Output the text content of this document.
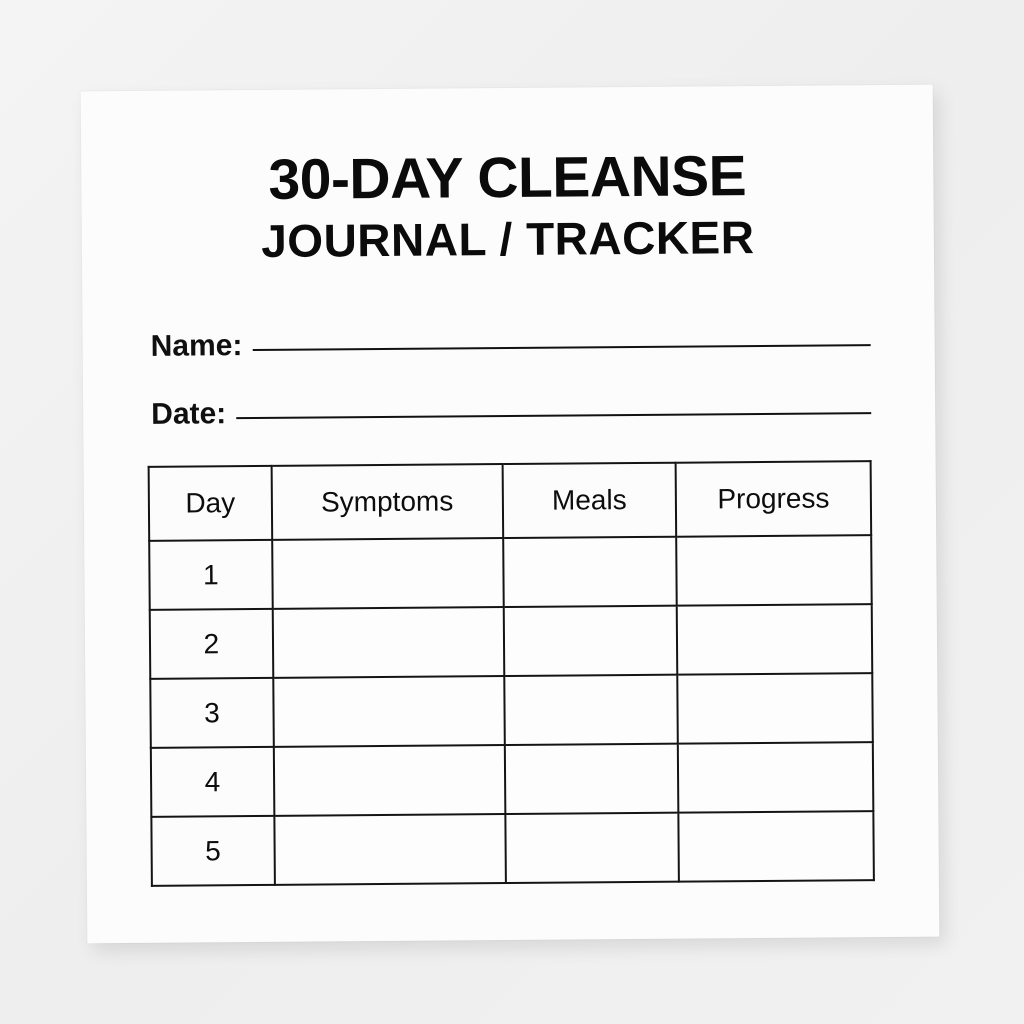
30-DAY CLEANSE
JOURNAL / TRACKER
Name:
Date:
Day	Symptoms	Meals	Progress
1			
2			
3			
4			
5			
